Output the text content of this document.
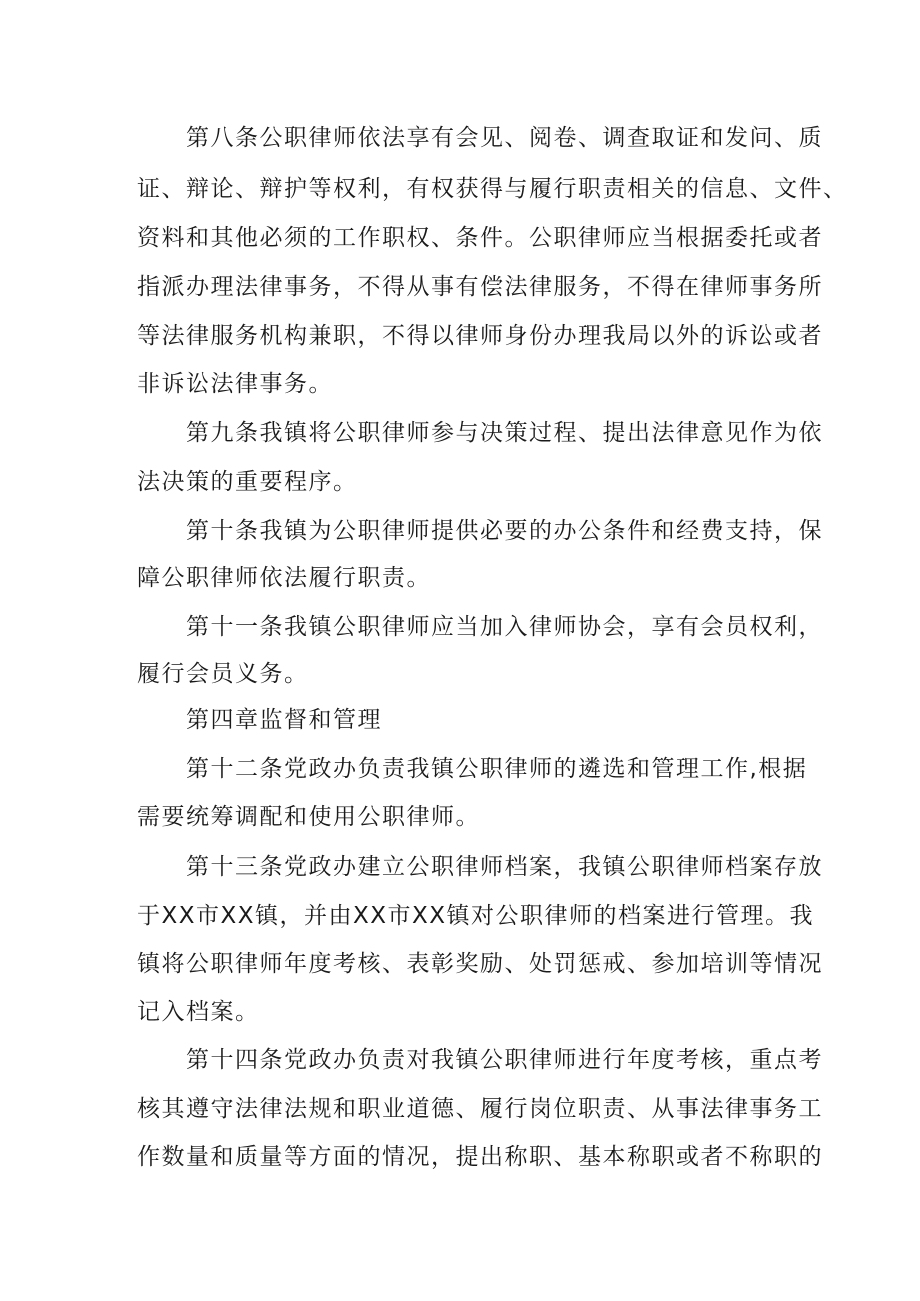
第八条公职律师依法享有会见、阅卷、调查取证和发问、质

证、辩论、辩护等权利，有权获得与履行职责相关的信息、文件、

资料和其他必须的工作职权、条件。公职律师应当根据委托或者

指派办理法律事务，不得从事有偿法律服务，不得在律师事务所

等法律服务机构兼职，不得以律师身份办理我局以外的诉讼或者

非诉讼法律事务。

第九条我镇将公职律师参与决策过程、提出法律意见作为依

法决策的重要程序。

第十条我镇为公职律师提供必要的办公条件和经费支持，保

障公职律师依法履行职责。

第十一条我镇公职律师应当加入律师协会，享有会员权利，

履行会员义务。

第四章监督和管理

第十二条党政办负责我镇公职律师的遴选和管理工作,根据

需要统筹调配和使用公职律师。

第十三条党政办建立公职律师档案，我镇公职律师档案存放

于XX市XX镇，并由XX市XX镇对公职律师的档案进行管理。我

镇将公职律师年度考核、表彰奖励、处罚惩戒、参加培训等情况

记入档案。

第十四条党政办负责对我镇公职律师进行年度考核，重点考

核其遵守法律法规和职业道德、履行岗位职责、从事法律事务工

作数量和质量等方面的情况，提出称职、基本称职或者不称职的
